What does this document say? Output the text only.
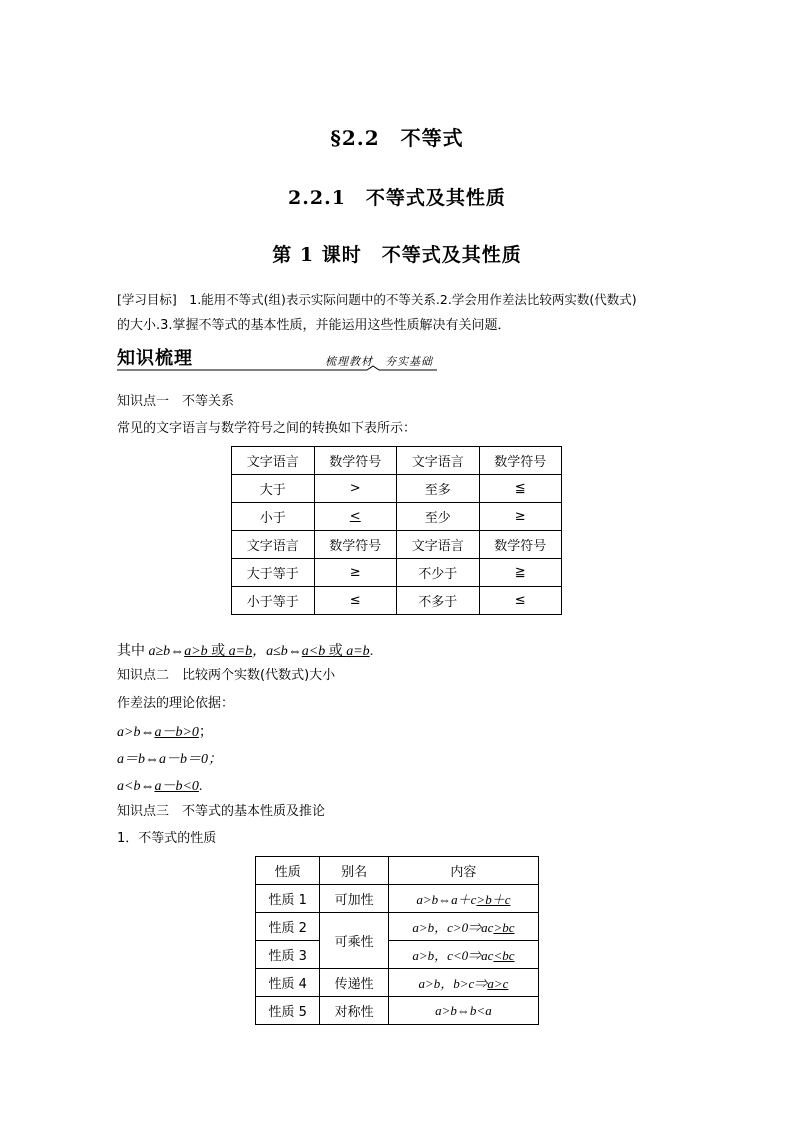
§2.2　不等式
2.2.1　不等式及其性质
第 1 课时　不等式及其性质
[学习目标]　1.能用不等式(组)表示实际问题中的不等关系.2.学会用作差法比较两实数(代数式)
的大小.3.掌握不等式的基本性质，并能运用这些性质解决有关问题．
知识梳理	梳理教材　夯实基础
知识点一　不等关系
常见的文字语言与数学符号之间的转换如下表所示：
文字语言	数学符号	文字语言	数学符号
大于	>	至多	≦
小于	<	至少	≥
文字语言	数学符号	文字语言	数学符号
大于等于	≥	不少于	≧
小于等于	≤	不多于	≤
其中 a≥b⇔a>b 或 a=b，a≤b⇔a<b 或 a=b.
知识点二　比较两个实数(代数式)大小
作差法的理论依据：
a>b⇔a－b>0；
a＝b⇔a－b＝0；
a<b⇔a－b<0.
知识点三　不等式的基本性质及推论
1．不等式的性质
性质	别名	内容
性质 1	可加性	a>b⇔a＋c>b＋c
性质 2	可乘性	a>b，c>0⇒ac>bc
性质 3		a>b，c<0⇒ac<bc
性质 4	传递性	a>b，b>c⇒a>c
性质 5	对称性	a>b⇔b<a
